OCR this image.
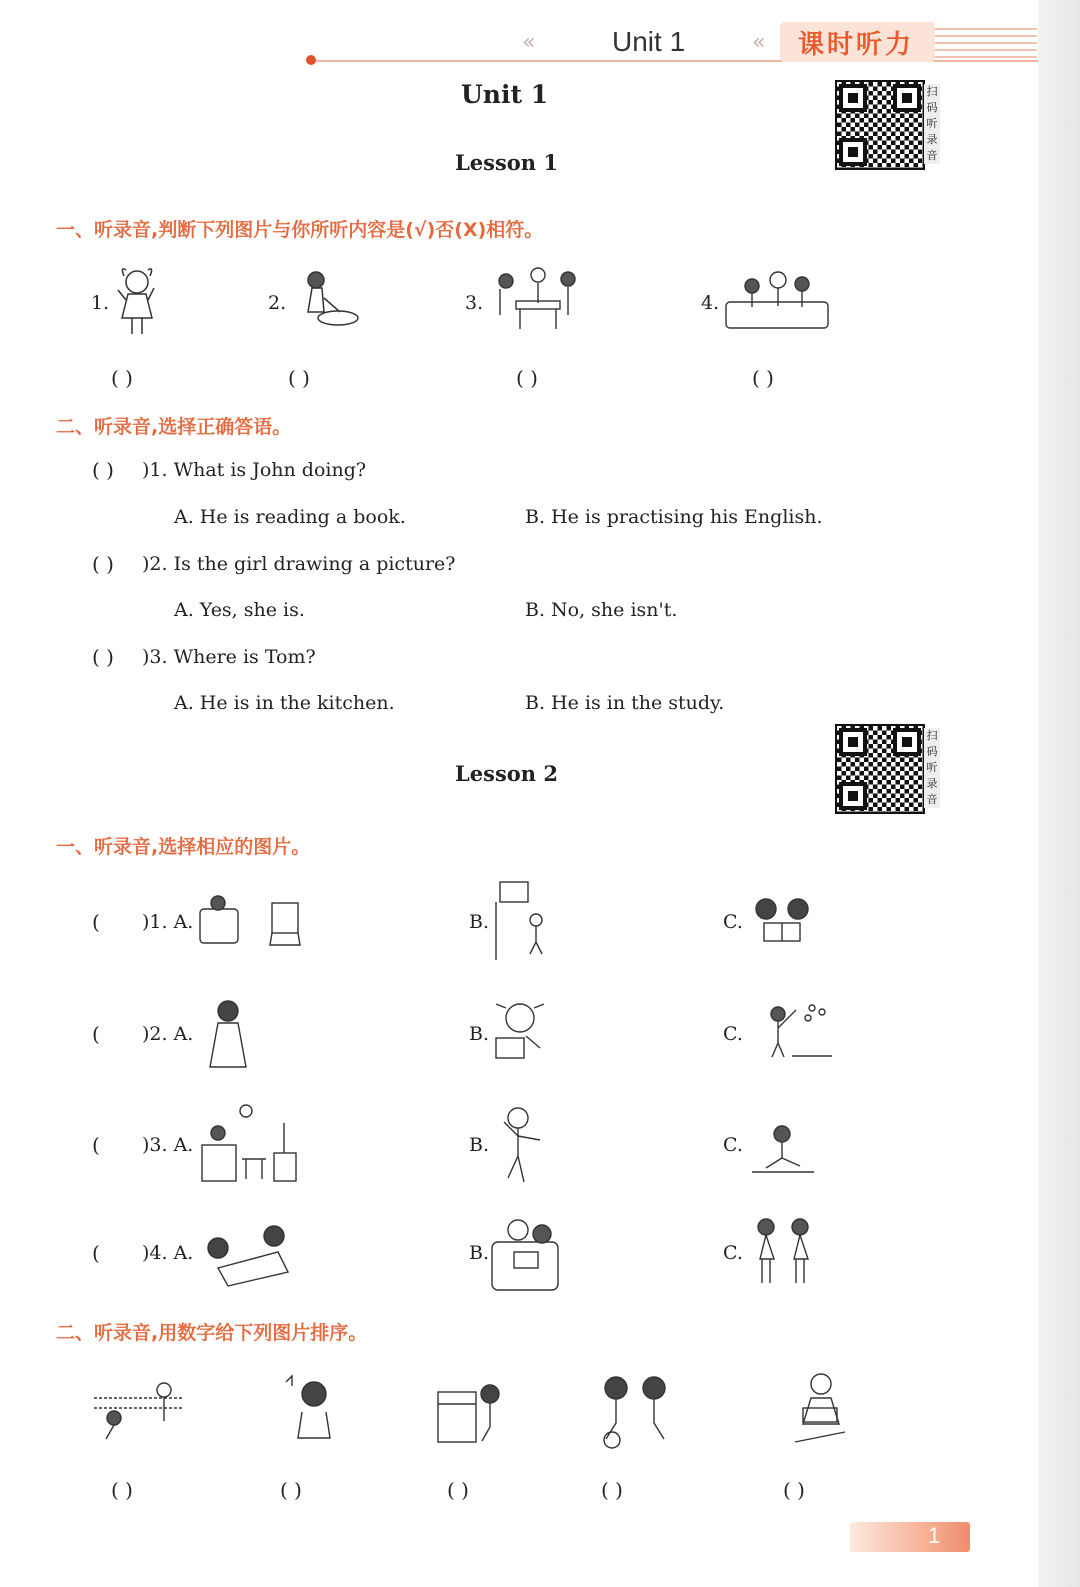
«	Unit 1	« 课时听力
Unit 1	扫码听录音
Lesson 1
一、听录音,判断下列图片与你所听内容是(√)否(X)相符。
1.	2.	3.	4.
( )	( )	( )	( )
二、听录音,选择正确答语。
( ) )1. What is John doing?
A. He is reading a book.	B. He is practising his English.
( ) )2. Is the girl drawing a picture?
A. Yes, she is.	B. No, she isn't.
( ) )3. Where is Tom?
A. He is in the kitchen.	B. He is in the study.
扫码听录音
Lesson 2
一、听录音,选择相应的图片。
( )1. A.	B.	C.
( )2. A.	B.	C.
( )3. A.	B.	C.
( )4. A.	B.	C.
二、听录音,用数字给下列图片排序。
( )	( )	( )	( )	( )
1
